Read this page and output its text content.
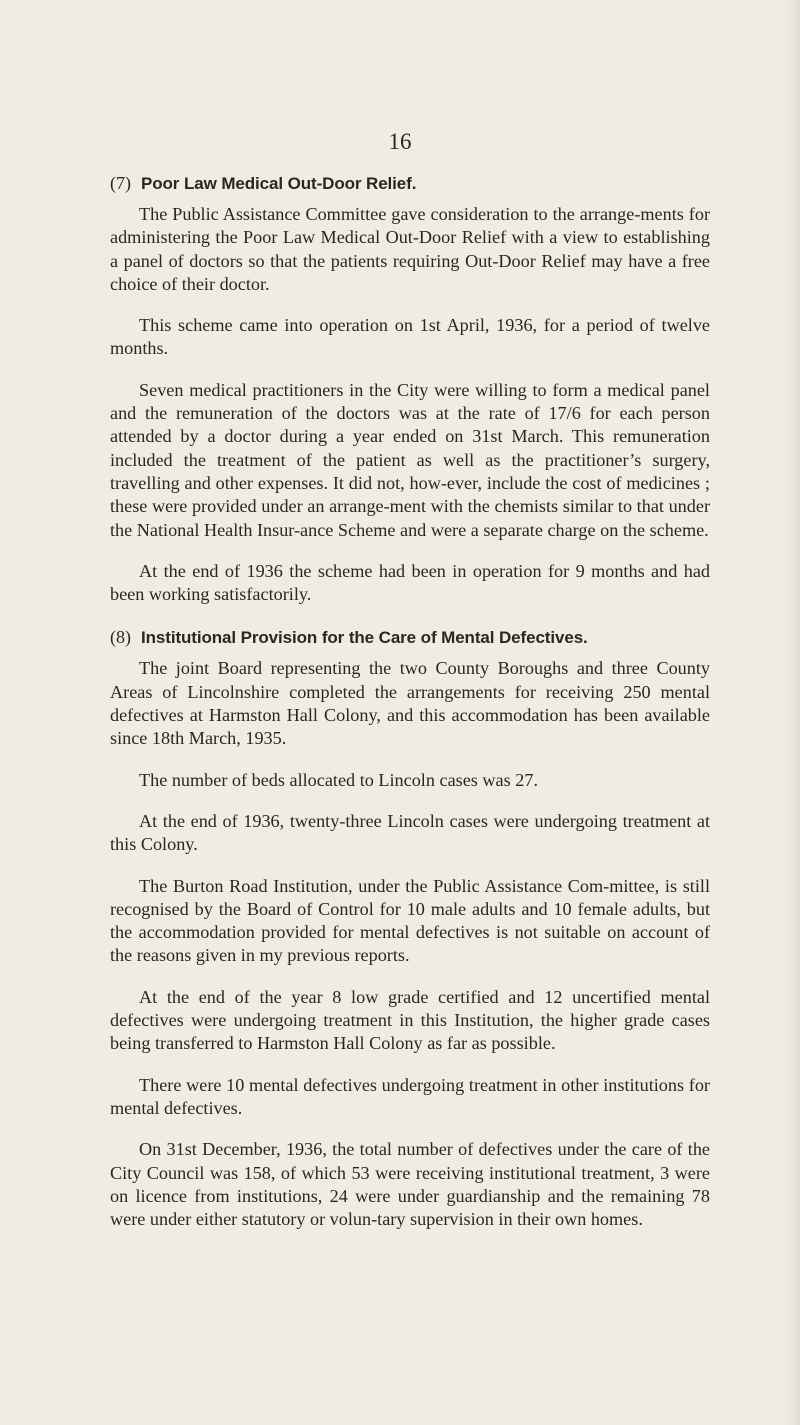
16
(7) Poor Law Medical Out-Door Relief.

The Public Assistance Committee gave consideration to the arrange-ments for administering the Poor Law Medical Out-Door Relief with a view to establishing a panel of doctors so that the patients requiring Out-Door Relief may have a free choice of their doctor.

This scheme came into operation on 1st April, 1936, for a period of twelve months.

Seven medical practitioners in the City were willing to form a medical panel and the remuneration of the doctors was at the rate of 17/6 for each person attended by a doctor during a year ended on 31st March. This remuneration included the treatment of the patient as well as the practitioner’s surgery, travelling and other expenses. It did not, how-ever, include the cost of medicines ; these were provided under an arrange-ment with the chemists similar to that under the National Health Insur-ance Scheme and were a separate charge on the scheme.

At the end of 1936 the scheme had been in operation for 9 months and had been working satisfactorily.

(8) Institutional Provision for the Care of Mental Defectives.

The joint Board representing the two County Boroughs and three County Areas of Lincolnshire completed the arrangements for receiving 250 mental defectives at Harmston Hall Colony, and this accommodation has been available since 18th March, 1935.

The number of beds allocated to Lincoln cases was 27.

At the end of 1936, twenty-three Lincoln cases were undergoing treatment at this Colony.

The Burton Road Institution, under the Public Assistance Com-mittee, is still recognised by the Board of Control for 10 male adults and 10 female adults, but the accommodation provided for mental defectives is not suitable on account of the reasons given in my previous reports.

At the end of the year 8 low grade certified and 12 uncertified mental defectives were undergoing treatment in this Institution, the higher grade cases being transferred to Harmston Hall Colony as far as possible.

There were 10 mental defectives undergoing treatment in other institutions for mental defectives.

On 31st December, 1936, the total number of defectives under the care of the City Council was 158, of which 53 were receiving institutional treatment, 3 were on licence from institutions, 24 were under guardianship and the remaining 78 were under either statutory or volun-tary supervision in their own homes.
